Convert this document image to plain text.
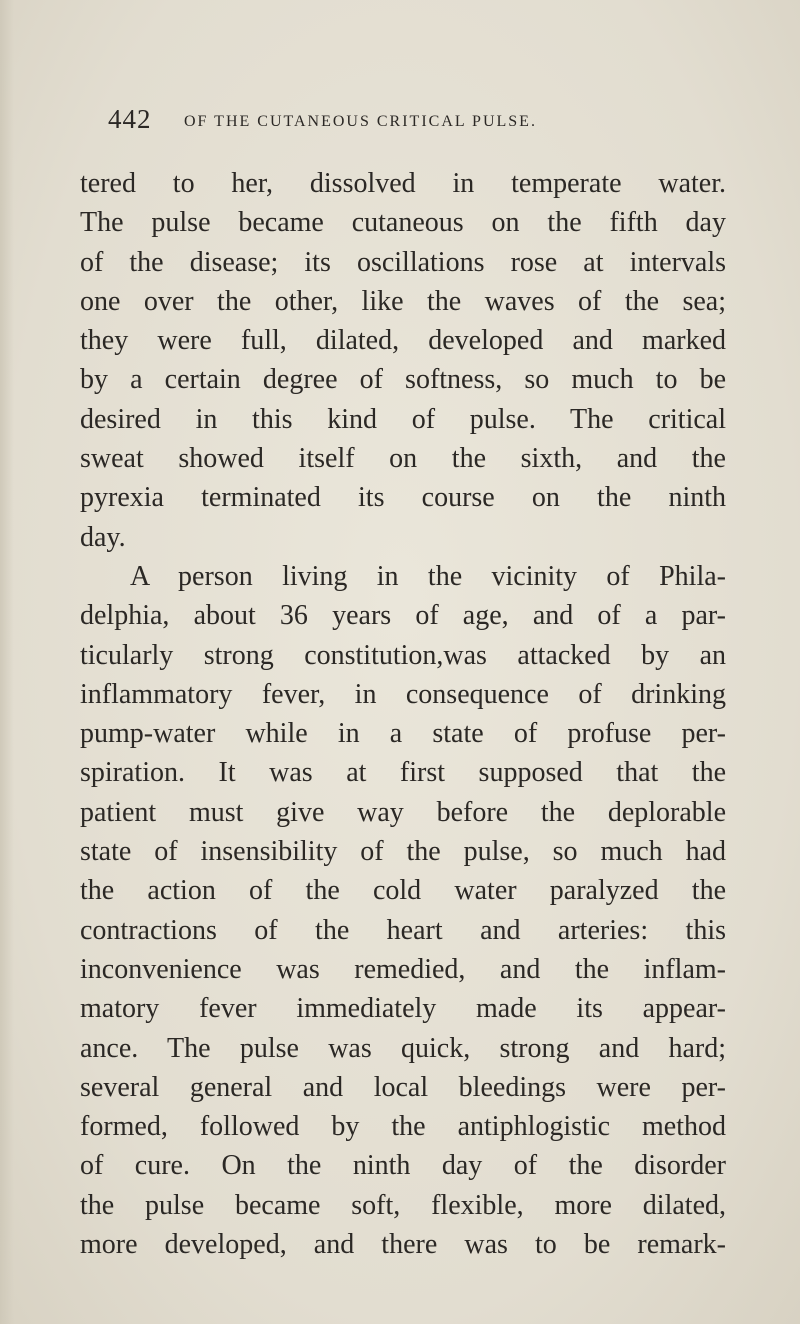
442 OF THE CUTANEOUS CRITICAL PULSE.
tered to her, dissolved in temperate water.
The pulse became cutaneous on the fifth day
of the disease; its oscillations rose at intervals
one over the other, like the waves of the sea;
they were full, dilated, developed and marked
by a certain degree of softness, so much to be
desired in this kind of pulse. The critical
sweat showed itself on the sixth, and the
pyrexia terminated its course on the ninth
day.
A person living in the vicinity of Phila-
delphia, about 36 years of age, and of a par-
ticularly strong constitution,was attacked by an
inflammatory fever, in consequence of drinking
pump-water while in a state of profuse per-
spiration. It was at first supposed that the
patient must give way before the deplorable
state of insensibility of the pulse, so much had
the action of the cold water paralyzed the
contractions of the heart and arteries: this
inconvenience was remedied, and the inflam-
matory fever immediately made its appear-
ance. The pulse was quick, strong and hard;
several general and local bleedings were per-
formed, followed by the antiphlogistic method
of cure. On the ninth day of the disorder
the pulse became soft, flexible, more dilated,
more developed, and there was to be remark-
